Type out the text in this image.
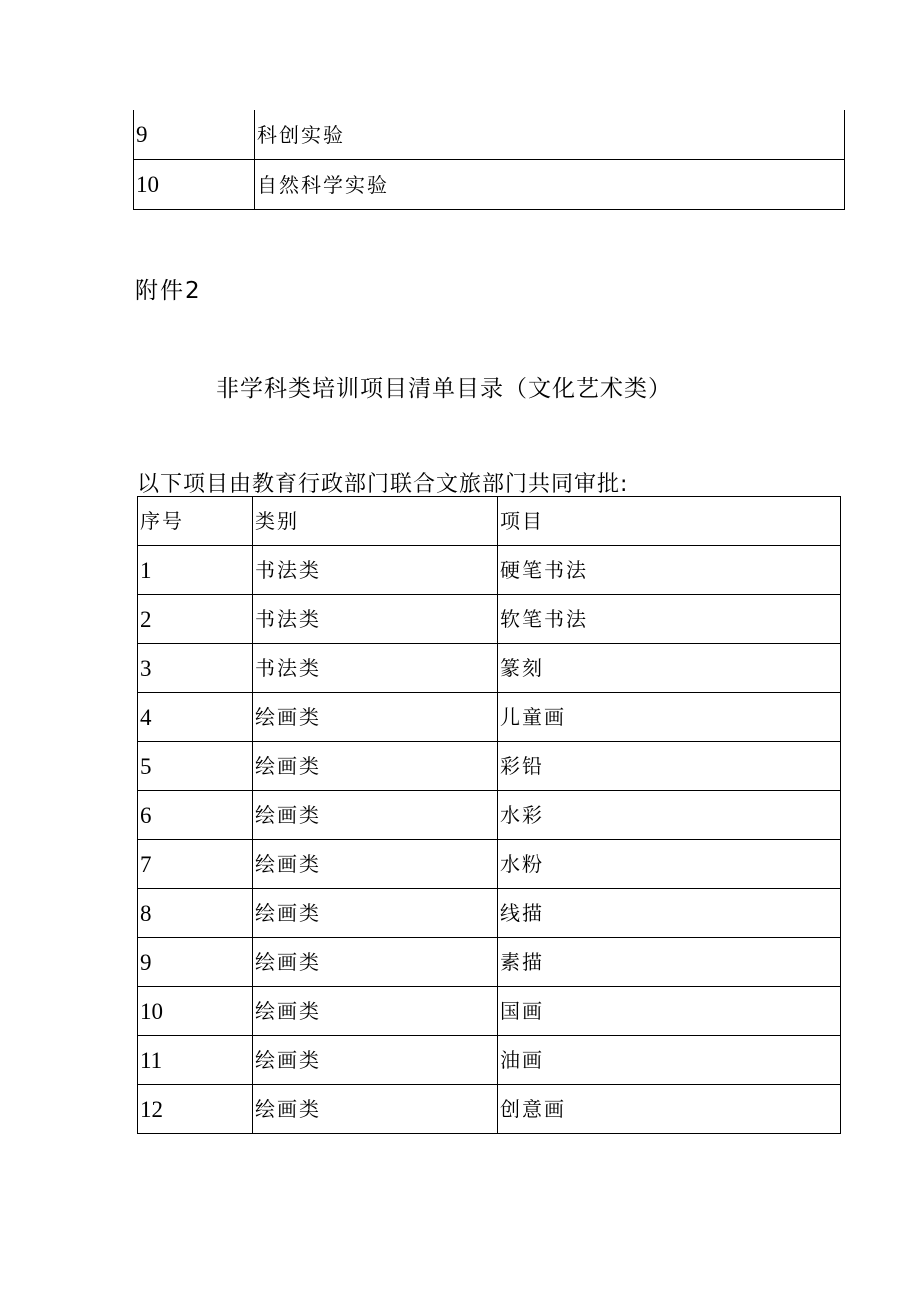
9	科创实验
10	自然科学实验
附件2
非学科类培训项目清单目录（文化艺术类）
以下项目由教育行政部门联合文旅部门共同审批:
序号	类别	项目
1	书法类	硬笔书法
2	书法类	软笔书法
3	书法类	篆刻
4	绘画类	儿童画
5	绘画类	彩铅
6	绘画类	水彩
7	绘画类	水粉
8	绘画类	线描
9	绘画类	素描
10	绘画类	国画
11	绘画类	油画
12	绘画类	创意画
